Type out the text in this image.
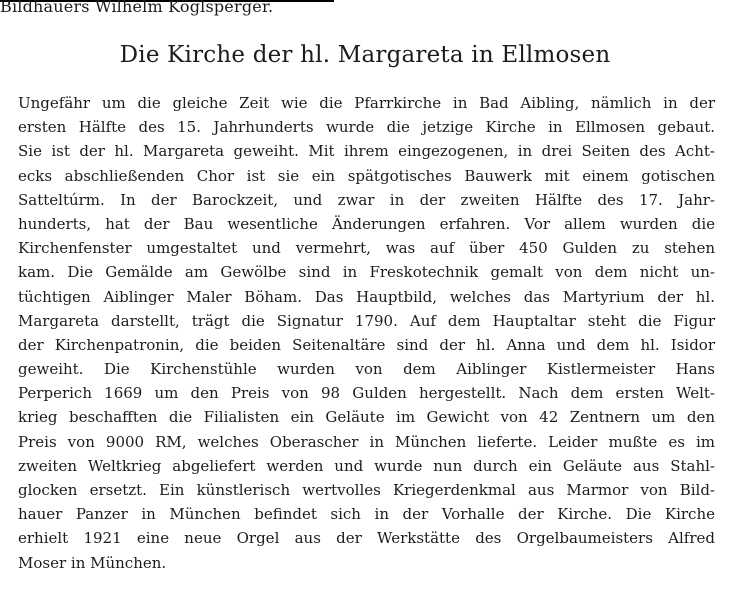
Bildhauers Wilhelm Köglsperger.
Die Kirche der hl. Margareta in Ellmosen
Ungefähr um die gleiche Zeit wie die Pfarrkirche in Bad Aibling, nämlich in der
ersten Hälfte des 15. Jahrhunderts wurde die jetzige Kirche in Ellmosen gebaut.
Sie ist der hl. Margareta geweiht. Mit ihrem eingezogenen, in drei Seiten des Acht-
ecks abschließenden Chor ist sie ein spätgotisches Bauwerk mit einem gotischen
Satteltúrm. In der Barockzeit, und zwar in der zweiten Hälfte des 17. Jahr-
hunderts, hat der Bau wesentliche Änderungen erfahren. Vor allem wurden die
Kirchenfenster umgestaltet und vermehrt, was auf über 450 Gulden zu stehen
kam. Die Gemälde am Gewölbe sind in Freskotechnik gemalt von dem nicht un-
tüchtigen Aiblinger Maler Böham. Das Hauptbild, welches das Martyrium der hl.
Margareta darstellt, trägt die Signatur 1790. Auf dem Hauptaltar steht die Figur
der Kirchenpatronin, die beiden Seitenaltäre sind der hl. Anna und dem hl. Isidor
geweiht. Die Kirchenstühle wurden von dem Aiblinger Kistlermeister Hans
Perperich 1669 um den Preis von 98 Gulden hergestellt. Nach dem ersten Welt-
krieg beschafften die Filialisten ein Geläute im Gewicht von 42 Zentnern um den
Preis von 9000 RM, welches Oberascher in München lieferte. Leider mußte es im
zweiten Weltkrieg abgeliefert werden und wurde nun durch ein Geläute aus Stahl-
glocken ersetzt. Ein künstlerisch wertvolles Kriegerdenkmal aus Marmor von Bild-
hauer Panzer in München befindet sich in der Vorhalle der Kirche. Die Kirche
erhielt 1921 eine neue Orgel aus der Werkstätte des Orgelbaumeisters Alfred
Moser in München.
